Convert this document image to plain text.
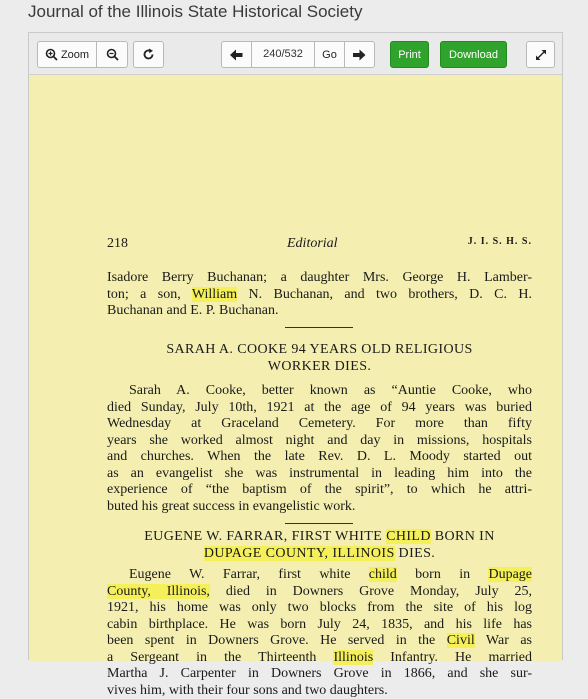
Journal of the Illinois State Historical Society
Zoom	240/532	Go	Print	Download
218	Editorial	J. I. S. H. S.
Isadore Berry Buchanan; a daughter Mrs. George H. Lamber-
ton; a son, William N. Buchanan, and two brothers, D. C. H.
Buchanan and E. P. Buchanan.
SARAH A. COOKE 94 YEARS OLD RELIGIOUS
WORKER DIES.
Sarah A. Cooke, better known as “Auntie Cooke, who
died Sunday, July 10th, 1921 at the age of 94 years was buried
Wednesday at Graceland Cemetery. For more than fifty
years she worked almost night and day in missions, hospitals
and churches. When the late Rev. D. L. Moody started out
as an evangelist she was instrumental in leading him into the
experience of “the baptism of the spirit”, to which he attri-
buted his great success in evangelistic work.
EUGENE W. FARRAR, FIRST WHITE CHILD BORN IN
DUPAGE COUNTY, ILLINOIS DIES.
Eugene W. Farrar, first white child born in Dupage
County, Illinois, died in Downers Grove Monday, July 25,
1921, his home was only two blocks from the site of his log
cabin birthplace. He was born July 24, 1835, and his life has
been spent in Downers Grove. He served in the Civil War as
a Sergeant in the Thirteenth Illinois Infantry. He married
Martha J. Carpenter in Downers Grove in 1866, and she sur-
vives him, with their four sons and two daughters.
